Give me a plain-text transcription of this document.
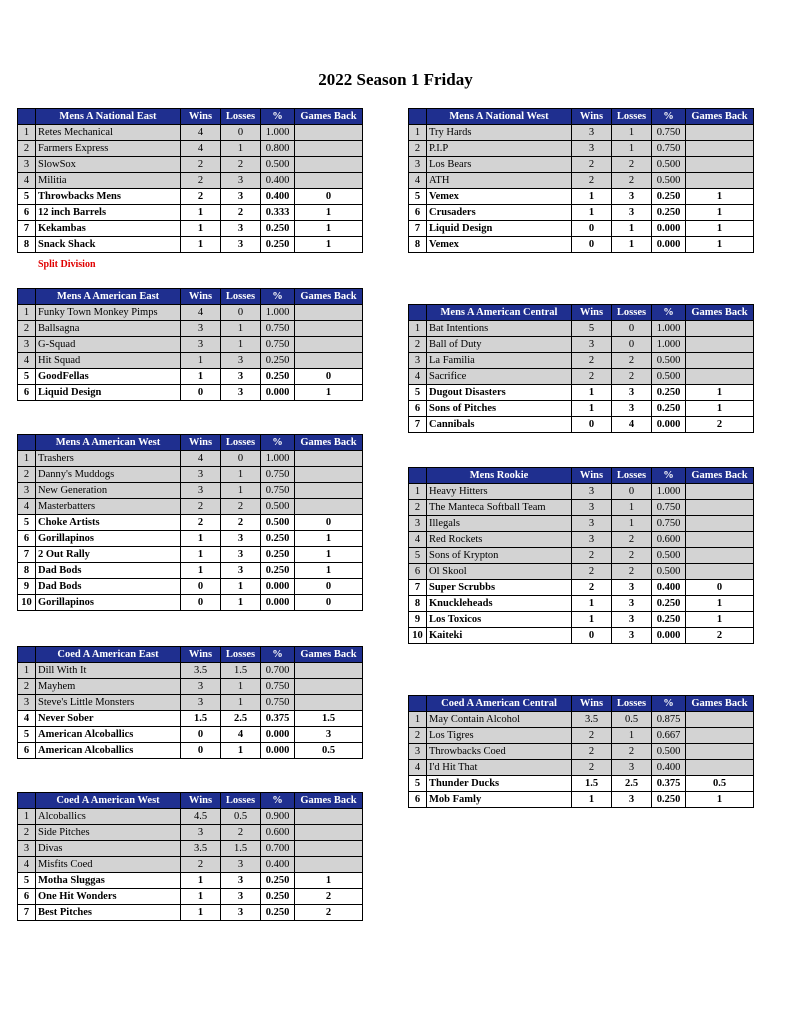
2022 Season 1 Friday
Split Division
	Mens A National East	Wins	Losses	%	Games Back
1	Retes Mechanical	4	0	1.000	
2	Farmers Express	4	1	0.800	
3	SlowSox	2	2	0.500	
4	Militia	2	3	0.400	
5	Throwbacks Mens	2	3	0.400	0
6	12 inch Barrels	1	2	0.333	1
7	Kekambas	1	3	0.250	1
8	Snack Shack	1	3	0.250	1
	Mens A National West	Wins	Losses	%	Games Back
1	Try Hards	3	1	0.750	
2	P.I.P	3	1	0.750	
3	Los Bears	2	2	0.500	
4	ATH	2	2	0.500	
5	Vemex	1	3	0.250	1
6	Crusaders	1	3	0.250	1
7	Liquid Design	0	1	0.000	1
8	Vemex	0	1	0.000	1
	Mens A American East	Wins	Losses	%	Games Back
1	Funky Town Monkey Pimps	4	0	1.000	
2	Ballsagna	3	1	0.750	
3	G-Squad	3	1	0.750	
4	Hit Squad	1	3	0.250	
5	GoodFellas	1	3	0.250	0
6	Liquid Design	0	3	0.000	1
	Mens A American Central	Wins	Losses	%	Games Back
1	Bat Intentions	5	0	1.000	
2	Ball of Duty	3	0	1.000	
3	La Familia	2	2	0.500	
4	Sacrifice	2	2	0.500	
5	Dugout Disasters	1	3	0.250	1
6	Sons of Pitches	1	3	0.250	1
7	Cannibals	0	4	0.000	2
	Mens A American West	Wins	Losses	%	Games Back
1	Trashers	4	0	1.000	
2	Danny's Muddogs	3	1	0.750	
3	New Generation	3	1	0.750	
4	Masterbatters	2	2	0.500	
5	Choke Artists	2	2	0.500	0
6	Gorillapinos	1	3	0.250	1
7	2 Out Rally	1	3	0.250	1
8	Dad Bods	1	3	0.250	1
9	Dad Bods	0	1	0.000	0
10	Gorillapinos	0	1	0.000	0
	Mens Rookie	Wins	Losses	%	Games Back
1	Heavy Hitters	3	0	1.000	
2	The Manteca Softball Team	3	1	0.750	
3	Illegals	3	1	0.750	
4	Red Rockets	3	2	0.600	
5	Sons of Krypton	2	2	0.500	
6	Ol Skool	2	2	0.500	
7	Super Scrubbs	2	3	0.400	0
8	Knuckleheads	1	3	0.250	1
9	Los Toxicos	1	3	0.250	1
10	Kaiteki	0	3	0.000	2
	Coed A American East	Wins	Losses	%	Games Back
1	Dill With It	3.5	1.5	0.700	
2	Mayhem	3	1	0.750	
3	Steve's Little Monsters	3	1	0.750	
4	Never Sober	1.5	2.5	0.375	1.5
5	American Alcoballics	0	4	0.000	3
6	American Alcoballics	0	1	0.000	0.5
	Coed A American Central	Wins	Losses	%	Games Back
1	May Contain Alcohol	3.5	0.5	0.875	
2	Los Tigres	2	1	0.667	
3	Throwbacks Coed	2	2	0.500	
4	I'd Hit That	2	3	0.400	
5	Thunder Ducks	1.5	2.5	0.375	0.5
6	Mob Famly	1	3	0.250	1
	Coed A American West	Wins	Losses	%	Games Back
1	Alcoballics	4.5	0.5	0.900	
2	Side Pitches	3	2	0.600	
3	Divas	3.5	1.5	0.700	
4	Misfits Coed	2	3	0.400	
5	Motha Sluggas	1	3	0.250	1
6	One Hit Wonders	1	3	0.250	2
7	Best Pitches	1	3	0.250	2
